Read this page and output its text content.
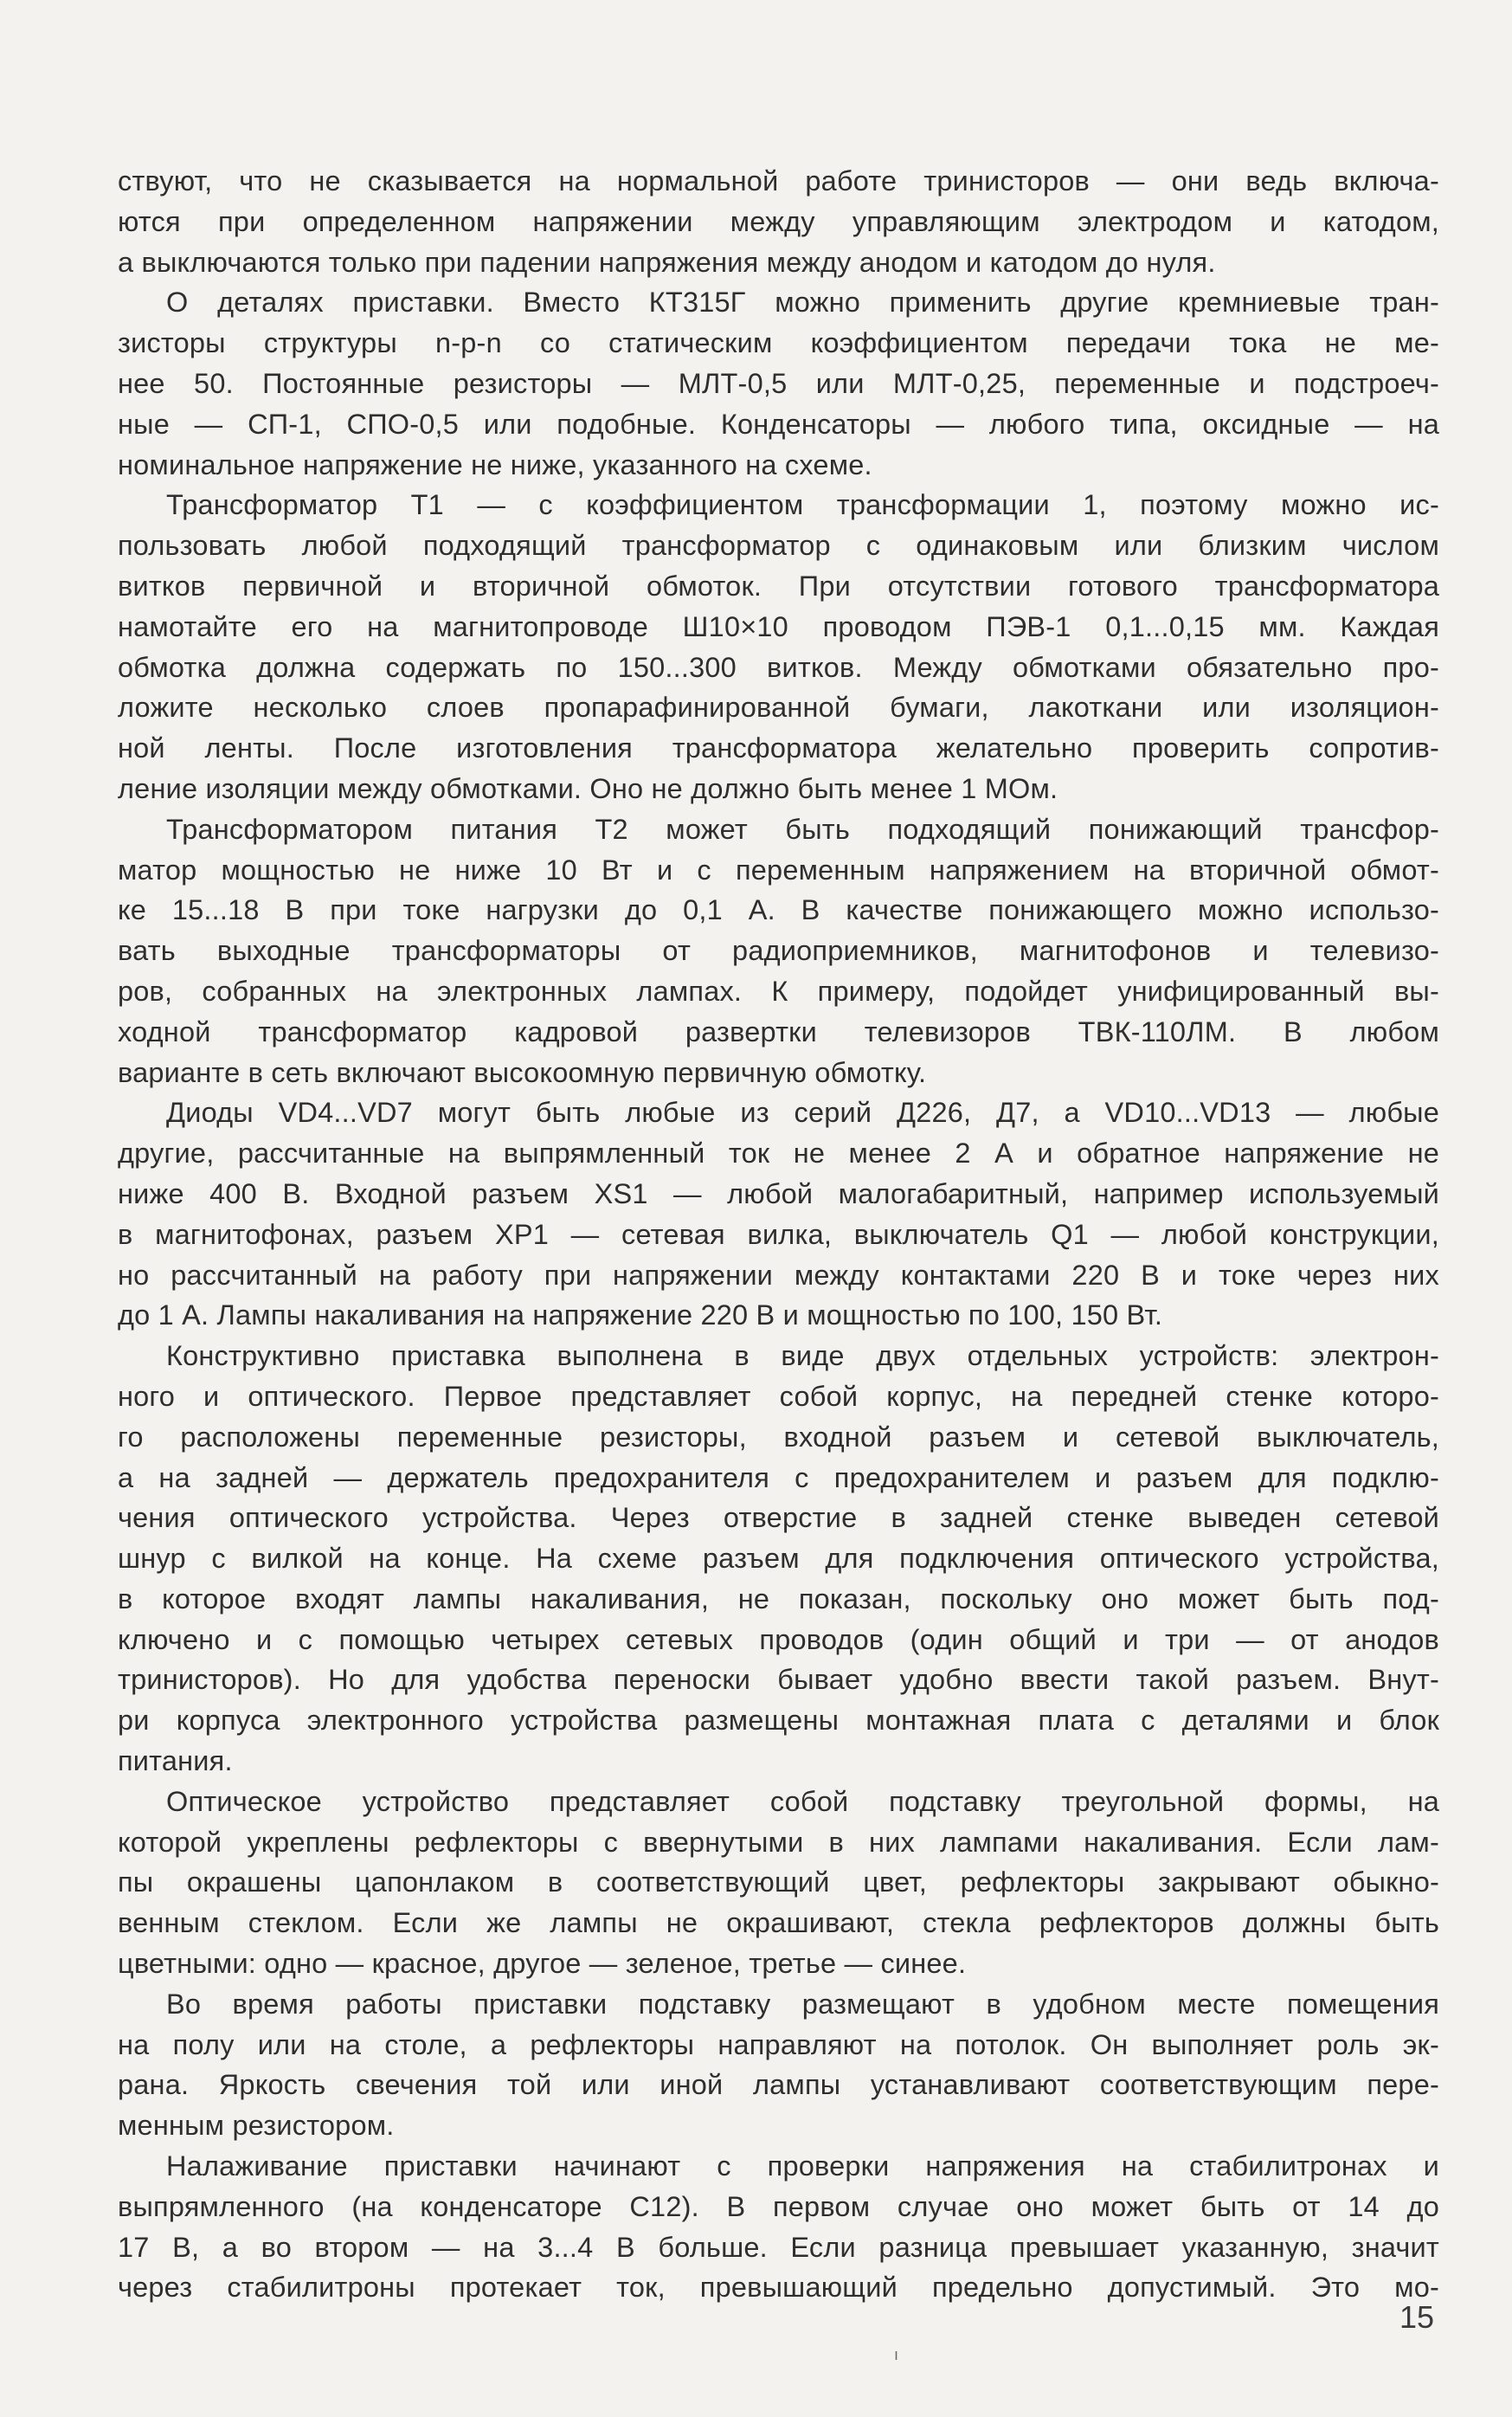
ствуют, что не сказывается на нормальной работе тринисторов — они ведь включа-
ются при определенном напряжении между управляющим электродом и катодом,
а выключаются только при падении напряжения между анодом и катодом до нуля.

О деталях приставки. Вместо КТ315Г можно применить другие кремниевые тран-
зисторы структуры n-p-n со статическим коэффициентом передачи тока не ме-
нее 50. Постоянные резисторы — МЛТ-0,5 или МЛТ-0,25, переменные и подстроеч-
ные — СП-1, СПО-0,5 или подобные. Конденсаторы — любого типа, оксидные — на
номинальное напряжение не ниже, указанного на схеме.

Трансформатор T1 — с коэффициентом трансформации 1, поэтому можно ис-
пользовать любой подходящий трансформатор с одинаковым или близким числом
витков первичной и вторичной обмоток. При отсутствии готового трансформатора
намотайте его на магнитопроводе Ш10×10 проводом ПЭВ-1 0,1...0,15 мм. Каждая
обмотка должна содержать по 150...300 витков. Между обмотками обязательно про-
ложите несколько слоев пропарафинированной бумаги, лакоткани или изоляцион-
ной ленты. После изготовления трансформатора желательно проверить сопротив-
ление изоляции между обмотками. Оно не должно быть менее 1 МОм.

Трансформатором питания T2 может быть подходящий понижающий трансфор-
матор мощностью не ниже 10 Вт и с переменным напряжением на вторичной обмот-
ке 15...18 В при токе нагрузки до 0,1 А. В качестве понижающего можно использо-
вать выходные трансформаторы от радиоприемников, магнитофонов и телевизо-
ров, собранных на электронных лампах. К примеру, подойдет унифицированный вы-
ходной трансформатор кадровой развертки телевизоров ТВК-110ЛМ. В любом
варианте в сеть включают высокоомную первичную обмотку.

Диоды VD4...VD7 могут быть любые из серий Д226, Д7, а VD10...VD13 — любые
другие, рассчитанные на выпрямленный ток не менее 2 А и обратное напряжение не
ниже 400 В. Входной разъем XS1 — любой малогабаритный, например используемый
в магнитофонах, разъем XP1 — сетевая вилка, выключатель Q1 — любой конструкции,
но рассчитанный на работу при напряжении между контактами 220 В и токе через них
до 1 А. Лампы накаливания на напряжение 220 В и мощностью по 100, 150 Вт.

Конструктивно приставка выполнена в виде двух отдельных устройств: электрон-
ного и оптического. Первое представляет собой корпус, на передней стенке которо-
го расположены переменные резисторы, входной разъем и сетевой выключатель,
а на задней — держатель предохранителя с предохранителем и разъем для подклю-
чения оптического устройства. Через отверстие в задней стенке выведен сетевой
шнур с вилкой на конце. На схеме разъем для подключения оптического устройства,
в которое входят лампы накаливания, не показан, поскольку оно может быть под-
ключено и с помощью четырех сетевых проводов (один общий и три — от анодов
тринисторов). Но для удобства переноски бывает удобно ввести такой разъем. Внут-
ри корпуса электронного устройства размещены монтажная плата с деталями и блок
питания.

Оптическое устройство представляет собой подставку треугольной формы, на
которой укреплены рефлекторы с ввернутыми в них лампами накаливания. Если лам-
пы окрашены цапонлаком в соответствующий цвет, рефлекторы закрывают обыкно-
венным стеклом. Если же лампы не окрашивают, стекла рефлекторов должны быть
цветными: одно — красное, другое — зеленое, третье — синее.

Во время работы приставки подставку размещают в удобном месте помещения
на полу или на столе, а рефлекторы направляют на потолок. Он выполняет роль эк-
рана. Яркость свечения той или иной лампы устанавливают соответствующим пере-
менным резистором.

Налаживание приставки начинают с проверки напряжения на стабилитронах и
выпрямленного (на конденсаторе C12). В первом случае оно может быть от 14 до
17 В, а во втором — на 3...4 В больше. Если разница превышает указанную, значит
через стабилитроны протекает ток, превышающий предельно допустимый. Это мо-

15
ı
